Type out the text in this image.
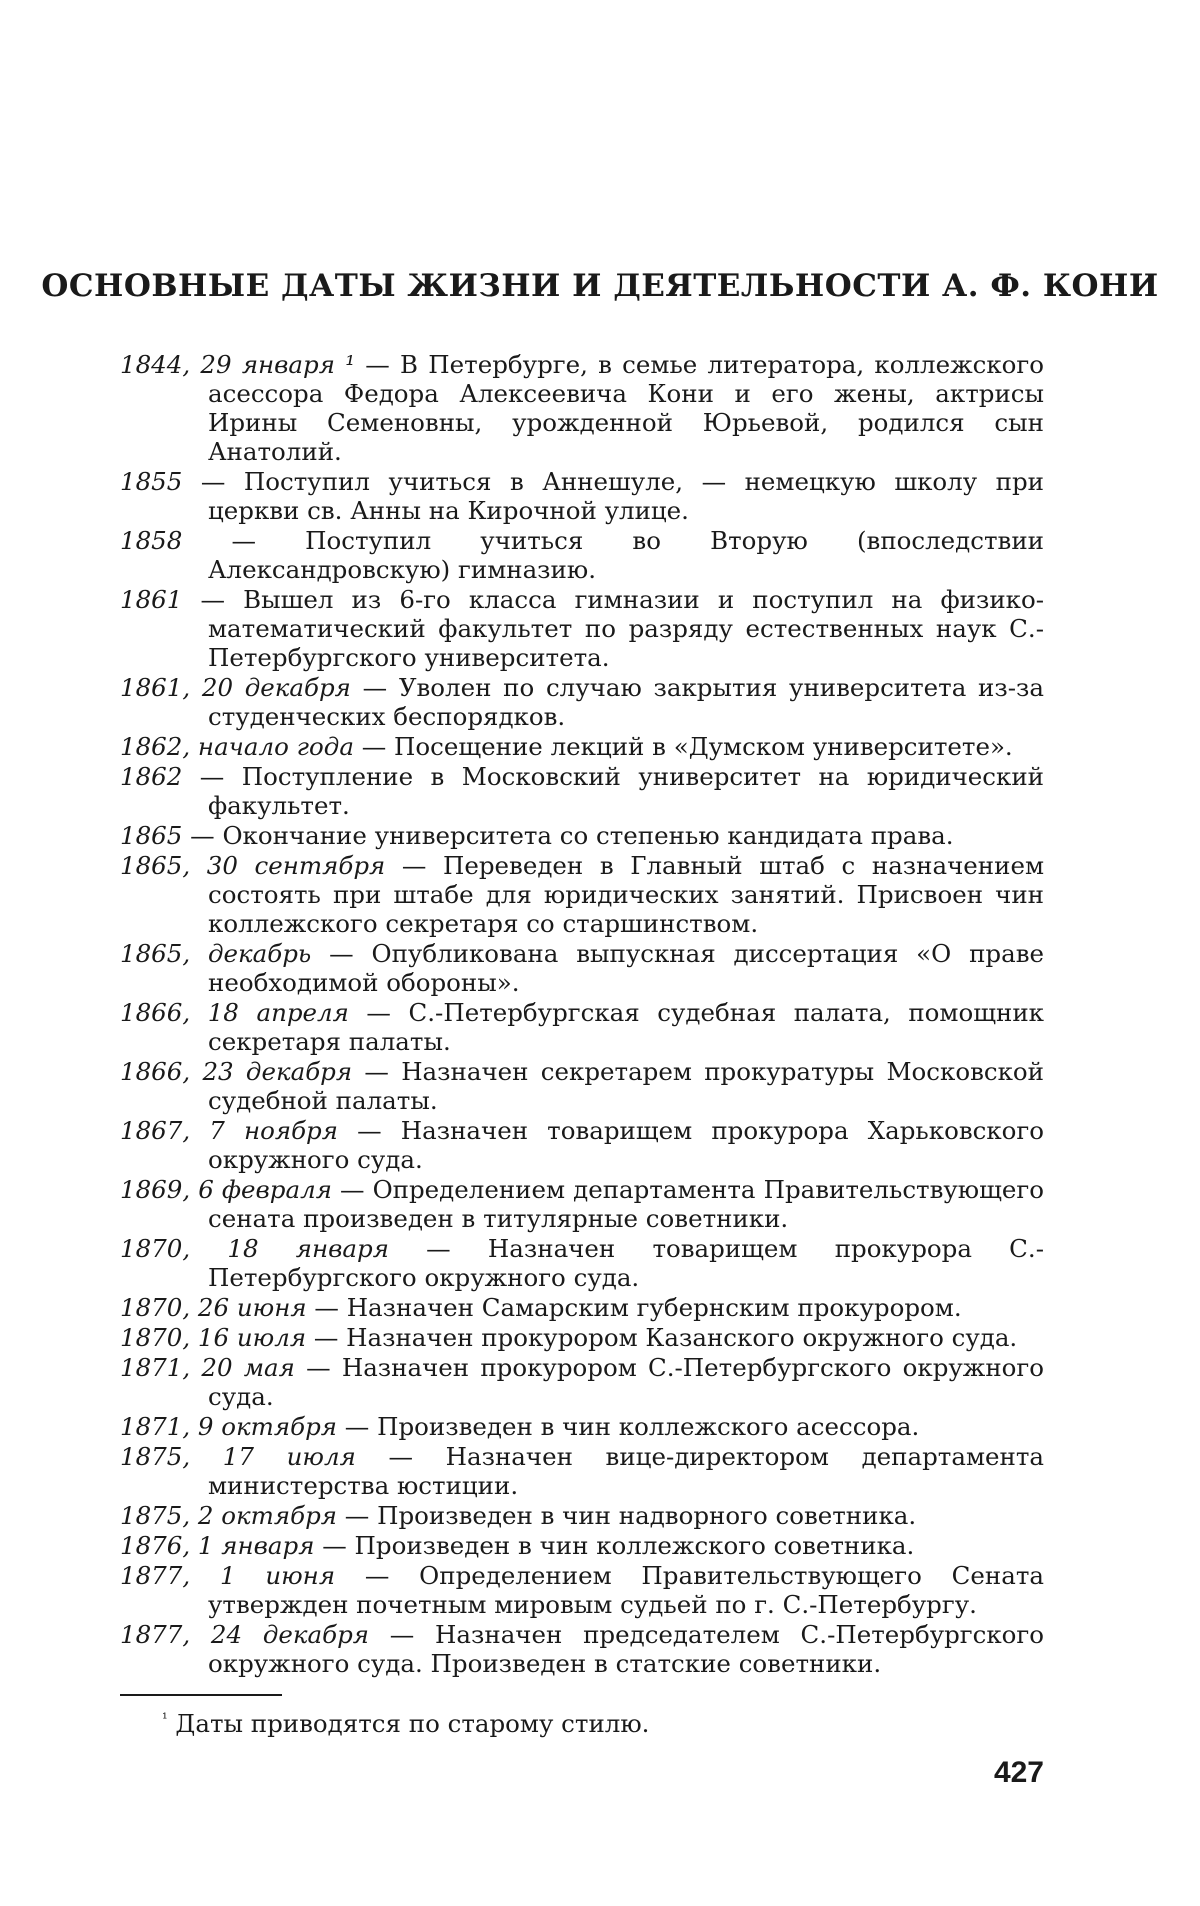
ОСНОВНЫЕ ДАТЫ ЖИЗНИ И ДЕЯТЕЛЬНОСТИ А. Ф. КОНИ
1844, 29 января ¹ — В Петербурге, в семье литератора, коллежского асессора Федора Алексеевича Кони и его жены, актрисы Ирины Семеновны, урожденной Юрьевой, родился сын Анатолий.
1855 — Поступил учиться в Аннешуле, — немецкую школу при церкви св. Анны на Кирочной улице.
1858 — Поступил учиться во Вторую (впоследствии Александровскую) гимназию.
1861 — Вышел из 6-го класса гимназии и поступил на физико-математический факультет по разряду естественных наук С.-Петербургского университета.
1861, 20 декабря — Уволен по случаю закрытия университета из-за студенческих беспорядков.
1862, начало года — Посещение лекций в «Думском университете».
1862 — Поступление в Московский университет на юридический факультет.
1865 — Окончание университета со степенью кандидата права.
1865, 30 сентября — Переведен в Главный штаб с назначением состоять при штабе для юридических занятий. Присвоен чин коллежского секретаря со старшинством.
1865, декабрь — Опубликована выпускная диссертация «О праве необходимой обороны».
1866, 18 апреля — С.-Петербургская судебная палата, помощник секретаря палаты.
1866, 23 декабря — Назначен секретарем прокуратуры Московской судебной палаты.
1867, 7 ноября — Назначен товарищем прокурора Харьковского окружного суда.
1869, 6 февраля — Определением департамента Правительствующего сената произведен в титулярные советники.
1870, 18 января — Назначен товарищем прокурора С.-Петербургского окружного суда.
1870, 26 июня — Назначен Самарским губернским прокурором.
1870, 16 июля — Назначен прокурором Казанского окружного суда.
1871, 20 мая — Назначен прокурором С.-Петербургского окружного суда.
1871, 9 октября — Произведен в чин коллежского асессора.
1875, 17 июля — Назначен вице-директором департамента министерства юстиции.
1875, 2 октября — Произведен в чин надворного советника.
1876, 1 января — Произведен в чин коллежского советника.
1877, 1 июня — Определением Правительствующего Сената утвержден почетным мировым судьей по г. С.-Петербургу.
1877, 24 декабря — Назначен председателем С.-Петербургского окружного суда. Произведен в статские советники.

$^{^1}$ Даты приводятся по старому стилю.

427
